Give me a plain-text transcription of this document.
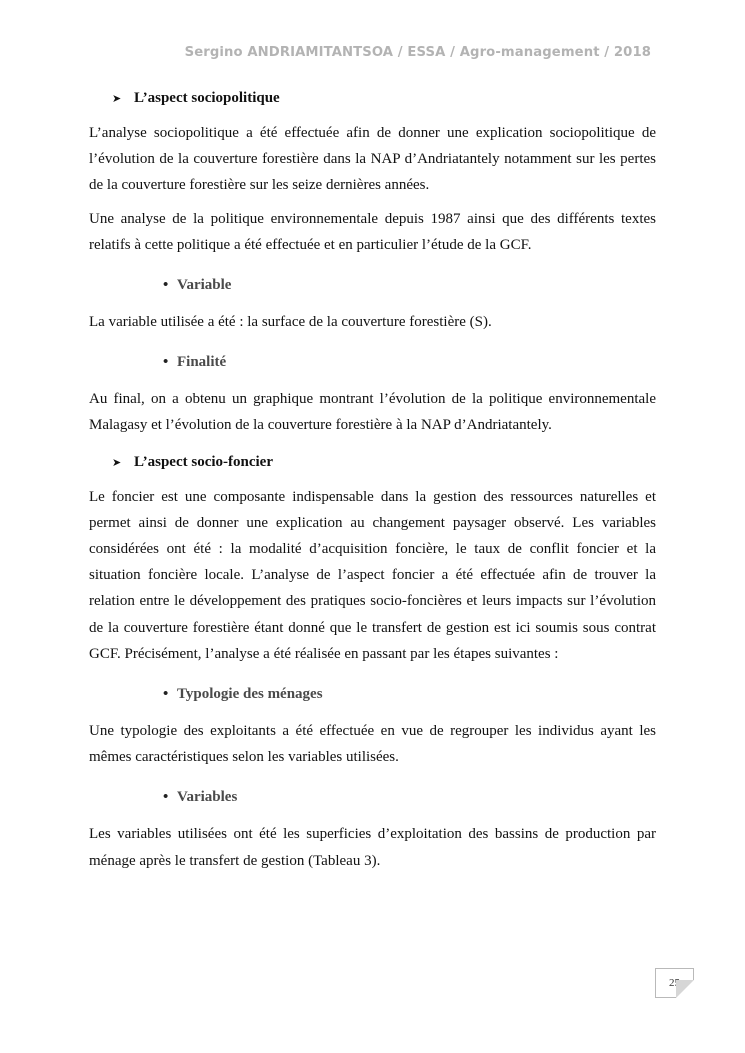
Sergino ANDRIAMITANTSOA / ESSA / Agro-management / 2018
➤ L’aspect sociopolitique

L’analyse sociopolitique a été effectuée afin de donner une explication sociopolitique de l’évolution de la couverture forestière dans la NAP d’Andriatantely notamment sur les pertes de la couverture forestière sur les seize dernières années.

Une analyse de la politique environnementale depuis 1987 ainsi que des différents textes relatifs à cette politique a été effectuée et en particulier l’étude de la GCF.

• Variable

La variable utilisée a été : la surface de la couverture forestière (S).

• Finalité

Au final, on a obtenu un graphique montrant l’évolution de la politique environnementale Malagasy et l’évolution de la couverture forestière à la NAP d’Andriatantely.

➤ L’aspect socio-foncier

Le foncier est une composante indispensable dans la gestion des ressources naturelles et permet ainsi de donner une explication au changement paysager observé. Les variables considérées ont été : la modalité d’acquisition foncière, le taux de conflit foncier et la situation foncière locale. L’analyse de l’aspect foncier a été effectuée afin de trouver la relation entre le développement des pratiques socio-foncières et leurs impacts sur l’évolution de la couverture forestière étant donné que le transfert de gestion est ici soumis sous contrat GCF. Précisément, l’analyse a été réalisée en passant par les étapes suivantes :

• Typologie des ménages

Une typologie des exploitants a été effectuée en vue de regrouper les individus ayant les mêmes caractéristiques selon les variables utilisées.

• Variables

Les variables utilisées ont été les superficies d’exploitation des bassins de production par ménage après le transfert de gestion (Tableau 3).

25
